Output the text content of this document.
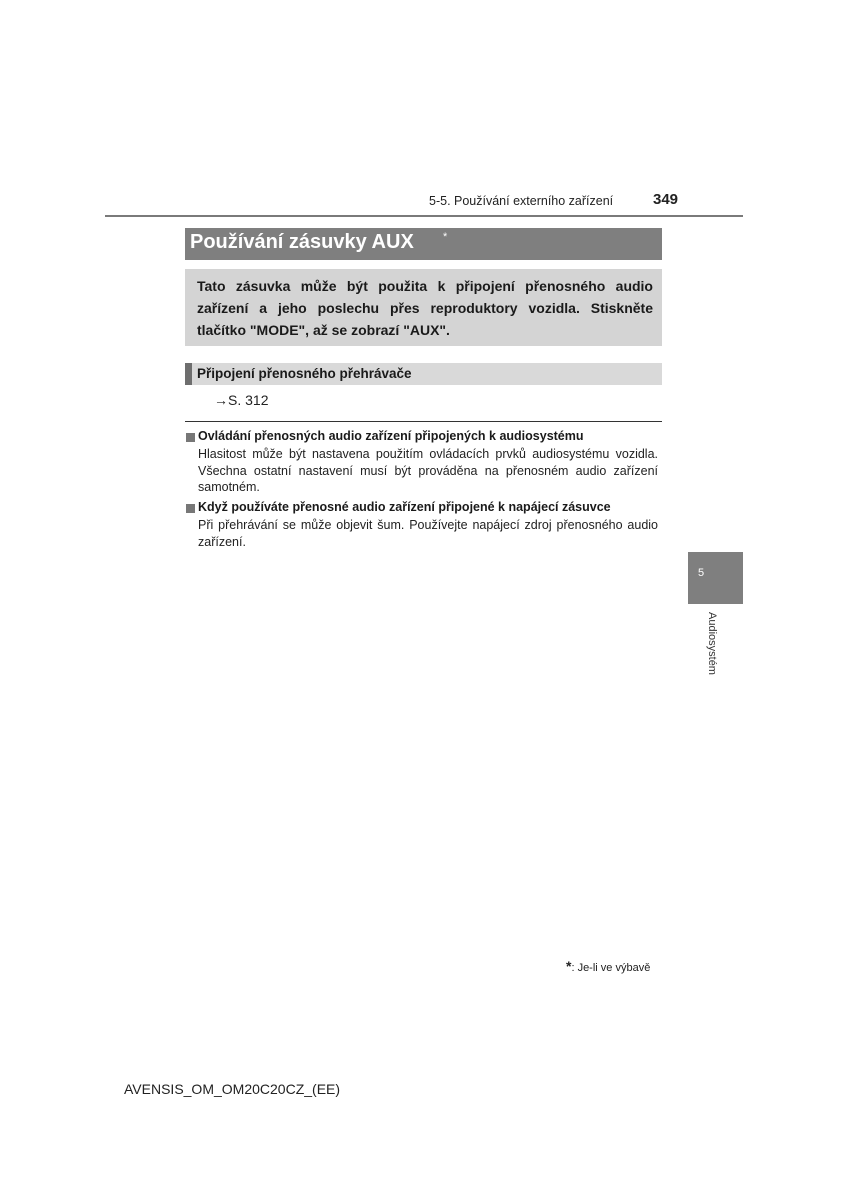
5-5. Používání externího zařízení	349
Používání zásuvky AUX	*
Tato zásuvka může být použita k připojení přenosného audio zařízení a jeho poslechu přes reproduktory vozidla. Stiskněte tlačítko "MODE", až se zobrazí "AUX".
Připojení přenosného přehrávače
→S. 312
Ovládání přenosných audio zařízení připojených k audiosystému
Hlasitost může být nastavena použitím ovládacích prvků audiosystému vozidla. Všechna ostatní nastavení musí být prováděna na přenosném audio zařízení samotném.
Když používáte přenosné audio zařízení připojené k napájecí zásuvce
Při přehrávání se může objevit šum. Používejte napájecí zdroj přenosného audio zařízení.
5
Audiosystém
*: Je-li ve výbavě
AVENSIS_OM_OM20C20CZ_(EE)
